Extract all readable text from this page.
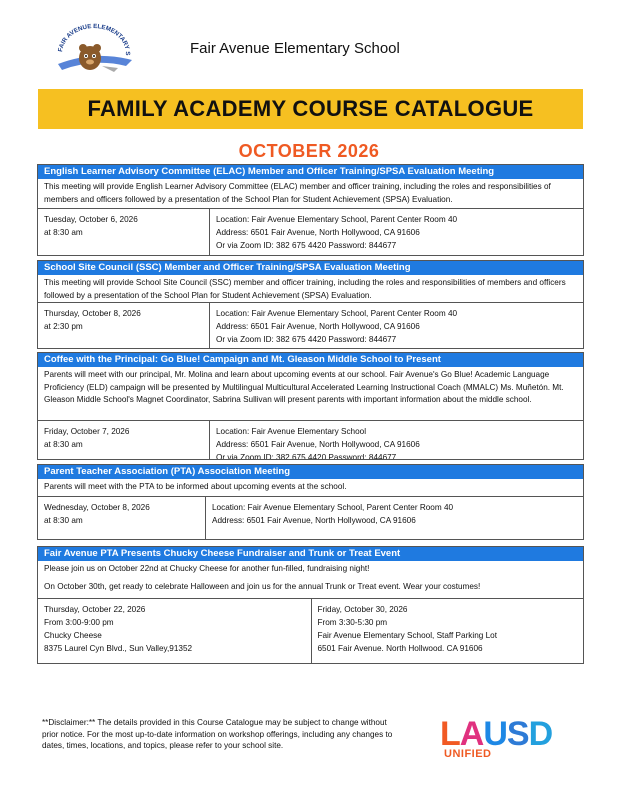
FAIR AVENUE ELEMENTARY S	Fair Avenue Elementary School
FAMILY ACADEMY COURSE CATALOGUE
OCTOBER 2026
English Learner Advisory Committee (ELAC) Member and Officer Training/SPSA Evaluation Meeting

This meeting will provide English Learner Advisory Committee (ELAC) member and officer training, including the roles and responsibilities of members and officers followed by a presentation of the School Plan for Student Achievement (SPSA) Evaluation.

Tuesday, October 6, 2026
at 8:30 am
Location: Fair Avenue Elementary School, Parent Center Room 40
Address: 6501 Fair Avenue, North Hollywood, CA 91606
Or via Zoom ID: 382 675 4420 Password: 844677
School Site Council (SSC) Member and Officer Training/SPSA Evaluation Meeting

This meeting will provide School Site Council (SSC) member and officer training, including the roles and responsibilities of members and officers followed by a presentation of the School Plan for Student Achievement (SPSA) Evaluation.

Thursday, October 8, 2026
at 2:30 pm
Location: Fair Avenue Elementary School, Parent Center Room 40
Address: 6501 Fair Avenue, North Hollywood, CA 91606
Or via Zoom ID: 382 675 4420 Password: 844677
Coffee with the Principal: Go Blue! Campaign and Mt. Gleason Middle School to Present

Parents will meet with our principal, Mr. Molina and learn about upcoming events at our school. Fair Avenue's Go Blue! Academic Language Proficiency (ELD) campaign will be presented by Multilingual Multicultural Accelerated Learning Instructional Coach (MMALC) Ms. Muñetón. Mt. Gleason Middle School's Magnet Coordinator, Sabrina Sullivan will present parents with important information about the middle school.

Friday, October 7, 2026
at 8:30 am
Location: Fair Avenue Elementary School
Address: 6501 Fair Avenue, North Hollywood, CA 91606
Or via Zoom ID: 382 675 4420 Password: 844677
Parent Teacher Association (PTA) Association Meeting

Parents will meet with the PTA to be informed about upcoming events at the school.

Wednesday, October 8, 2026
at 8:30 am
Location: Fair Avenue Elementary School, Parent Center Room 40
Address: 6501 Fair Avenue, North Hollywood, CA 91606
Fair Avenue PTA Presents Chucky Cheese Fundraiser and Trunk or Treat Event

Please join us on October 22nd at Chucky Cheese for another fun-filled, fundraising night!

On October 30th, get ready to celebrate Halloween and join us for the annual Trunk or Treat event. Wear your costumes!

Thursday, October 22, 2026
From 3:00-9:00 pm
Chucky Cheese
8375 Laurel Cyn Blvd., Sun Valley,91352
Friday, October 30, 2026
From 3:30-5:30 pm
Fair Avenue Elementary School, Staff Parking Lot
6501 Fair Avenue. North Hollwood. CA 91606
**Disclaimer:** The details provided in this Course Catalogue may be subject to change without prior notice. For the most up-to-date information on workshop offerings, including any changes to dates, times, locations, and topics, please refer to your school site.	L A U S D
UNIFIED
